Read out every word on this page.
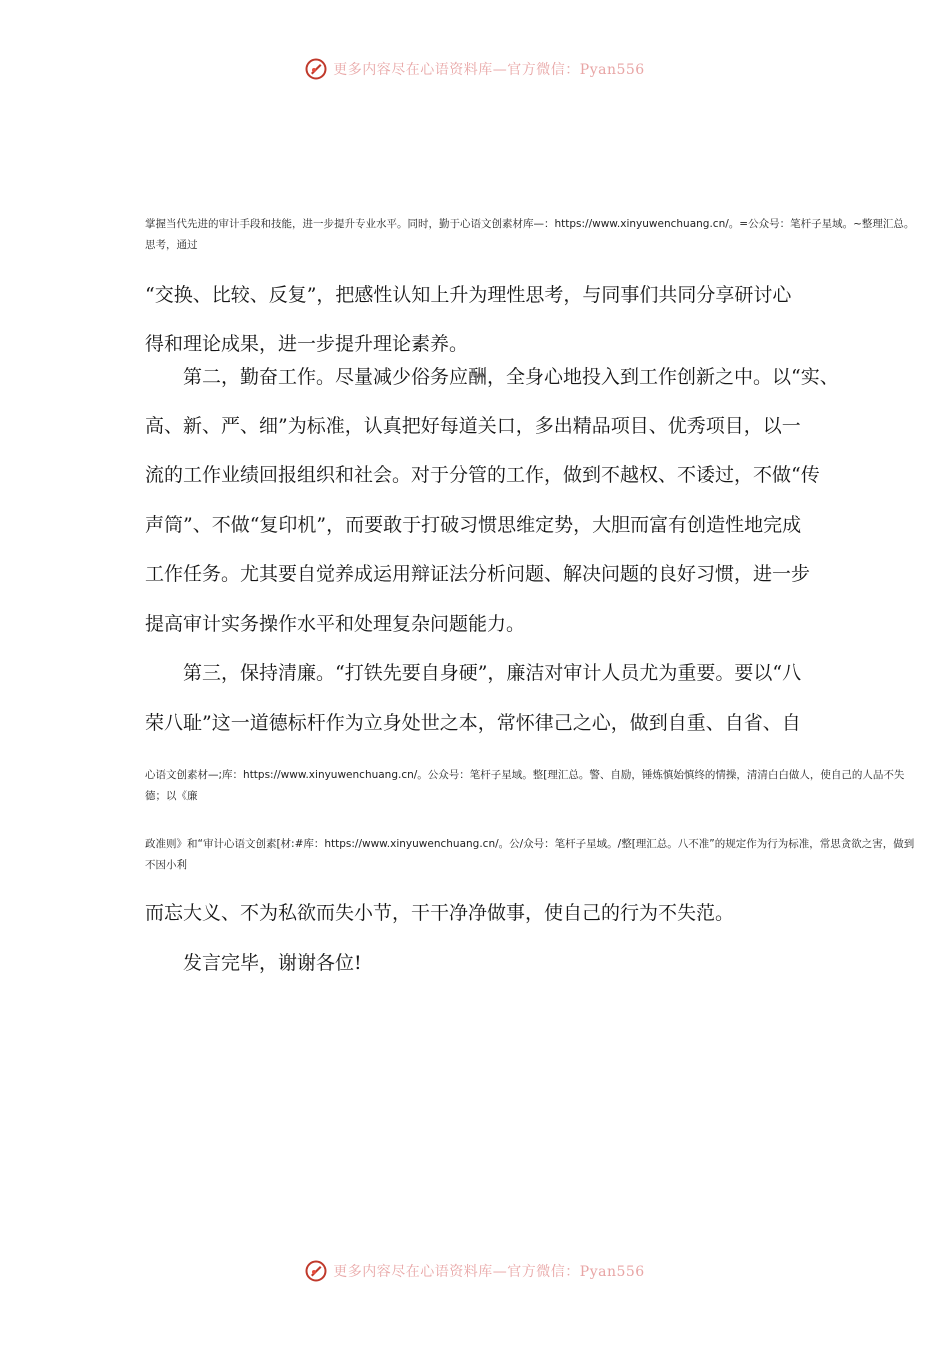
更多内容尽在心语资料库—官方微信：Pyan556
掌握当代先进的审计手段和技能，进一步提升专业水平。同时，勤于心语文创素材库—：https://www.xinyuwenchuang.cn/。=公众号：笔杆子星域。~整理汇总。思考，通过
“交换、比较、反复”，把感性认知上升为理性思考，与同事们共同分享研讨心
得和理论成果，进一步提升理论素养。
第二，勤奋工作。尽量减少俗务应酬，全身心地投入到工作创新之中。以“实、
高、新、严、细”为标准，认真把好每道关口，多出精品项目、优秀项目，以一
流的工作业绩回报组织和社会。对于分管的工作，做到不越权、不诿过，不做“传
声筒”、不做“复印机”，而要敢于打破习惯思维定势，大胆而富有创造性地完成
工作任务。尤其要自觉养成运用辩证法分析问题、解决问题的良好习惯，进一步
提高审计实务操作水平和处理复杂问题能力。
第三，保持清廉。“打铁先要自身硬”，廉洁对审计人员尤为重要。要以“八
荣八耻”这一道德标杆作为立身处世之本，常怀律己之心，做到自重、自省、自
心语文创素材—;库：https://www.xinyuwenchuang.cn/。公众号：笔杆子星域。整[理汇总。警、自励，锤炼慎始慎终的情操，清清白白做人，使自己的人品不失德；以《廉
政准则》和“审计心语文创素[材:#库：https://www.xinyuwenchuang.cn/。公/众号：笔杆子星域。/整[理汇总。八不准”的规定作为行为标准，常思贪欲之害，做到不因小利
而忘大义、不为私欲而失小节，干干净净做事，使自己的行为不失范。
发言完毕，谢谢各位!
更多内容尽在心语资料库—官方微信：Pyan556
